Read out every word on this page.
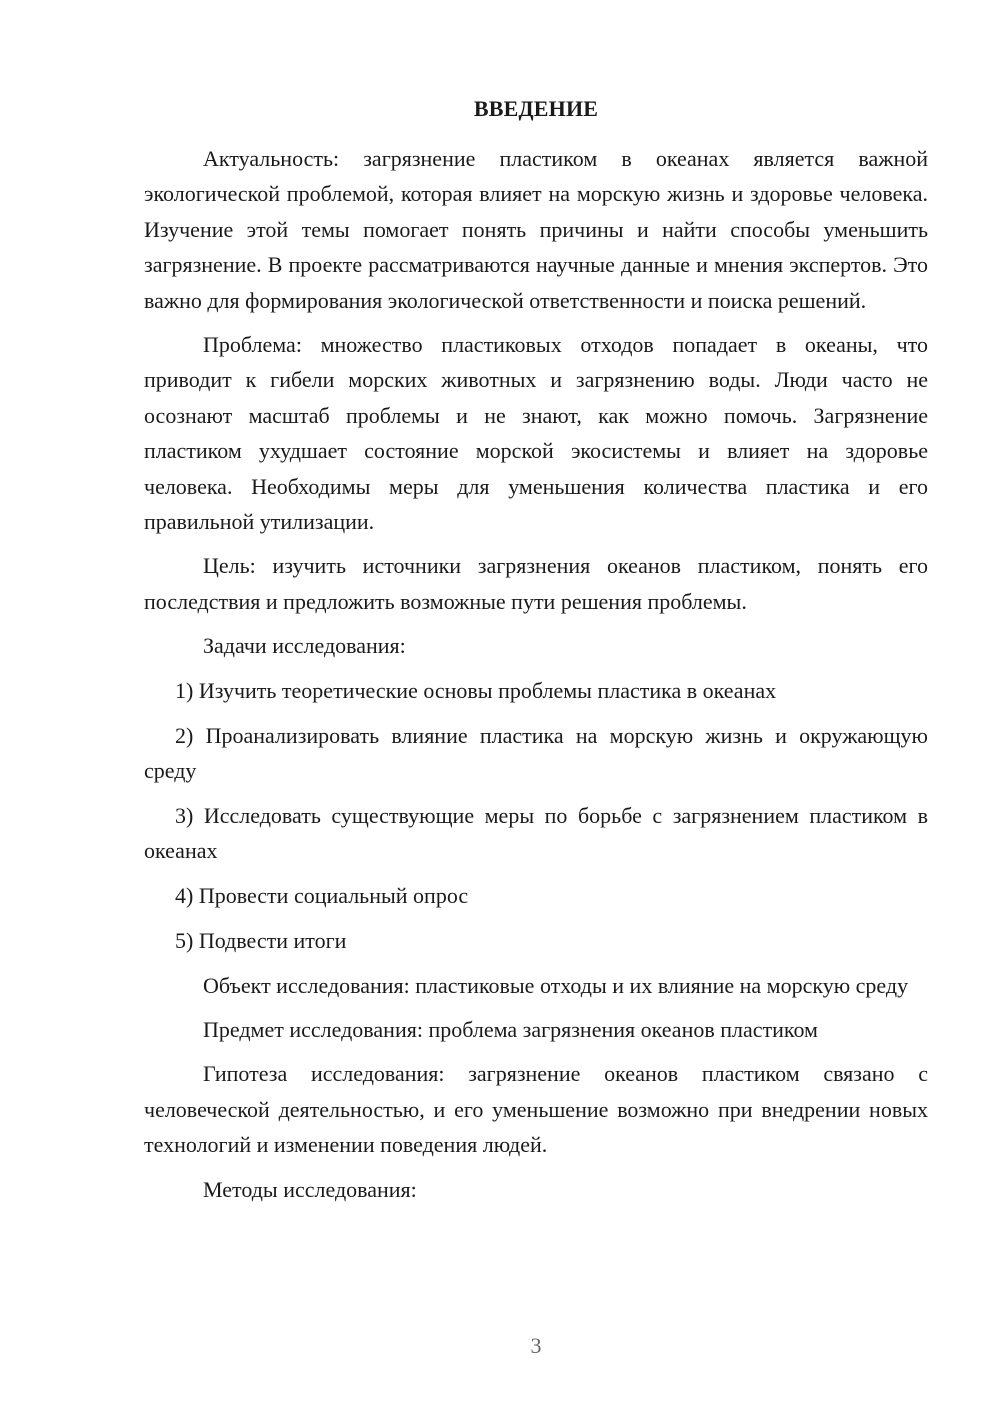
ВВЕДЕНИЕ

Актуальность: загрязнение пластиком в океанах является важной экологической проблемой, которая влияет на морскую жизнь и здоровье человека. Изучение этой темы помогает понять причины и найти способы уменьшить загрязнение. В проекте рассматриваются научные данные и мнения экспертов. Это важно для формирования экологической ответственности и поиска решений.

Проблема: множество пластиковых отходов попадает в океаны, что приводит к гибели морских животных и загрязнению воды. Люди часто не осознают масштаб проблемы и не знают, как можно помочь. Загрязнение пластиком ухудшает состояние морской экосистемы и влияет на здоровье человека. Необходимы меры для уменьшения количества пластика и его правильной утилизации.

Цель: изучить источники загрязнения океанов пластиком, понять его последствия и предложить возможные пути решения проблемы.

Задачи исследования:

1) Изучить теоретические основы проблемы пластика в океанах

2) Проанализировать влияние пластика на морскую жизнь и окружающую среду

3) Исследовать существующие меры по борьбе с загрязнением пластиком в океанах

4) Провести социальный опрос

5) Подвести итоги

Объект исследования: пластиковые отходы и их влияние на морскую среду

Предмет исследования: проблема загрязнения океанов пластиком

Гипотеза исследования: загрязнение океанов пластиком связано с человеческой деятельностью, и его уменьшение возможно при внедрении новых технологий и изменении поведения людей.

Методы исследования:

3
